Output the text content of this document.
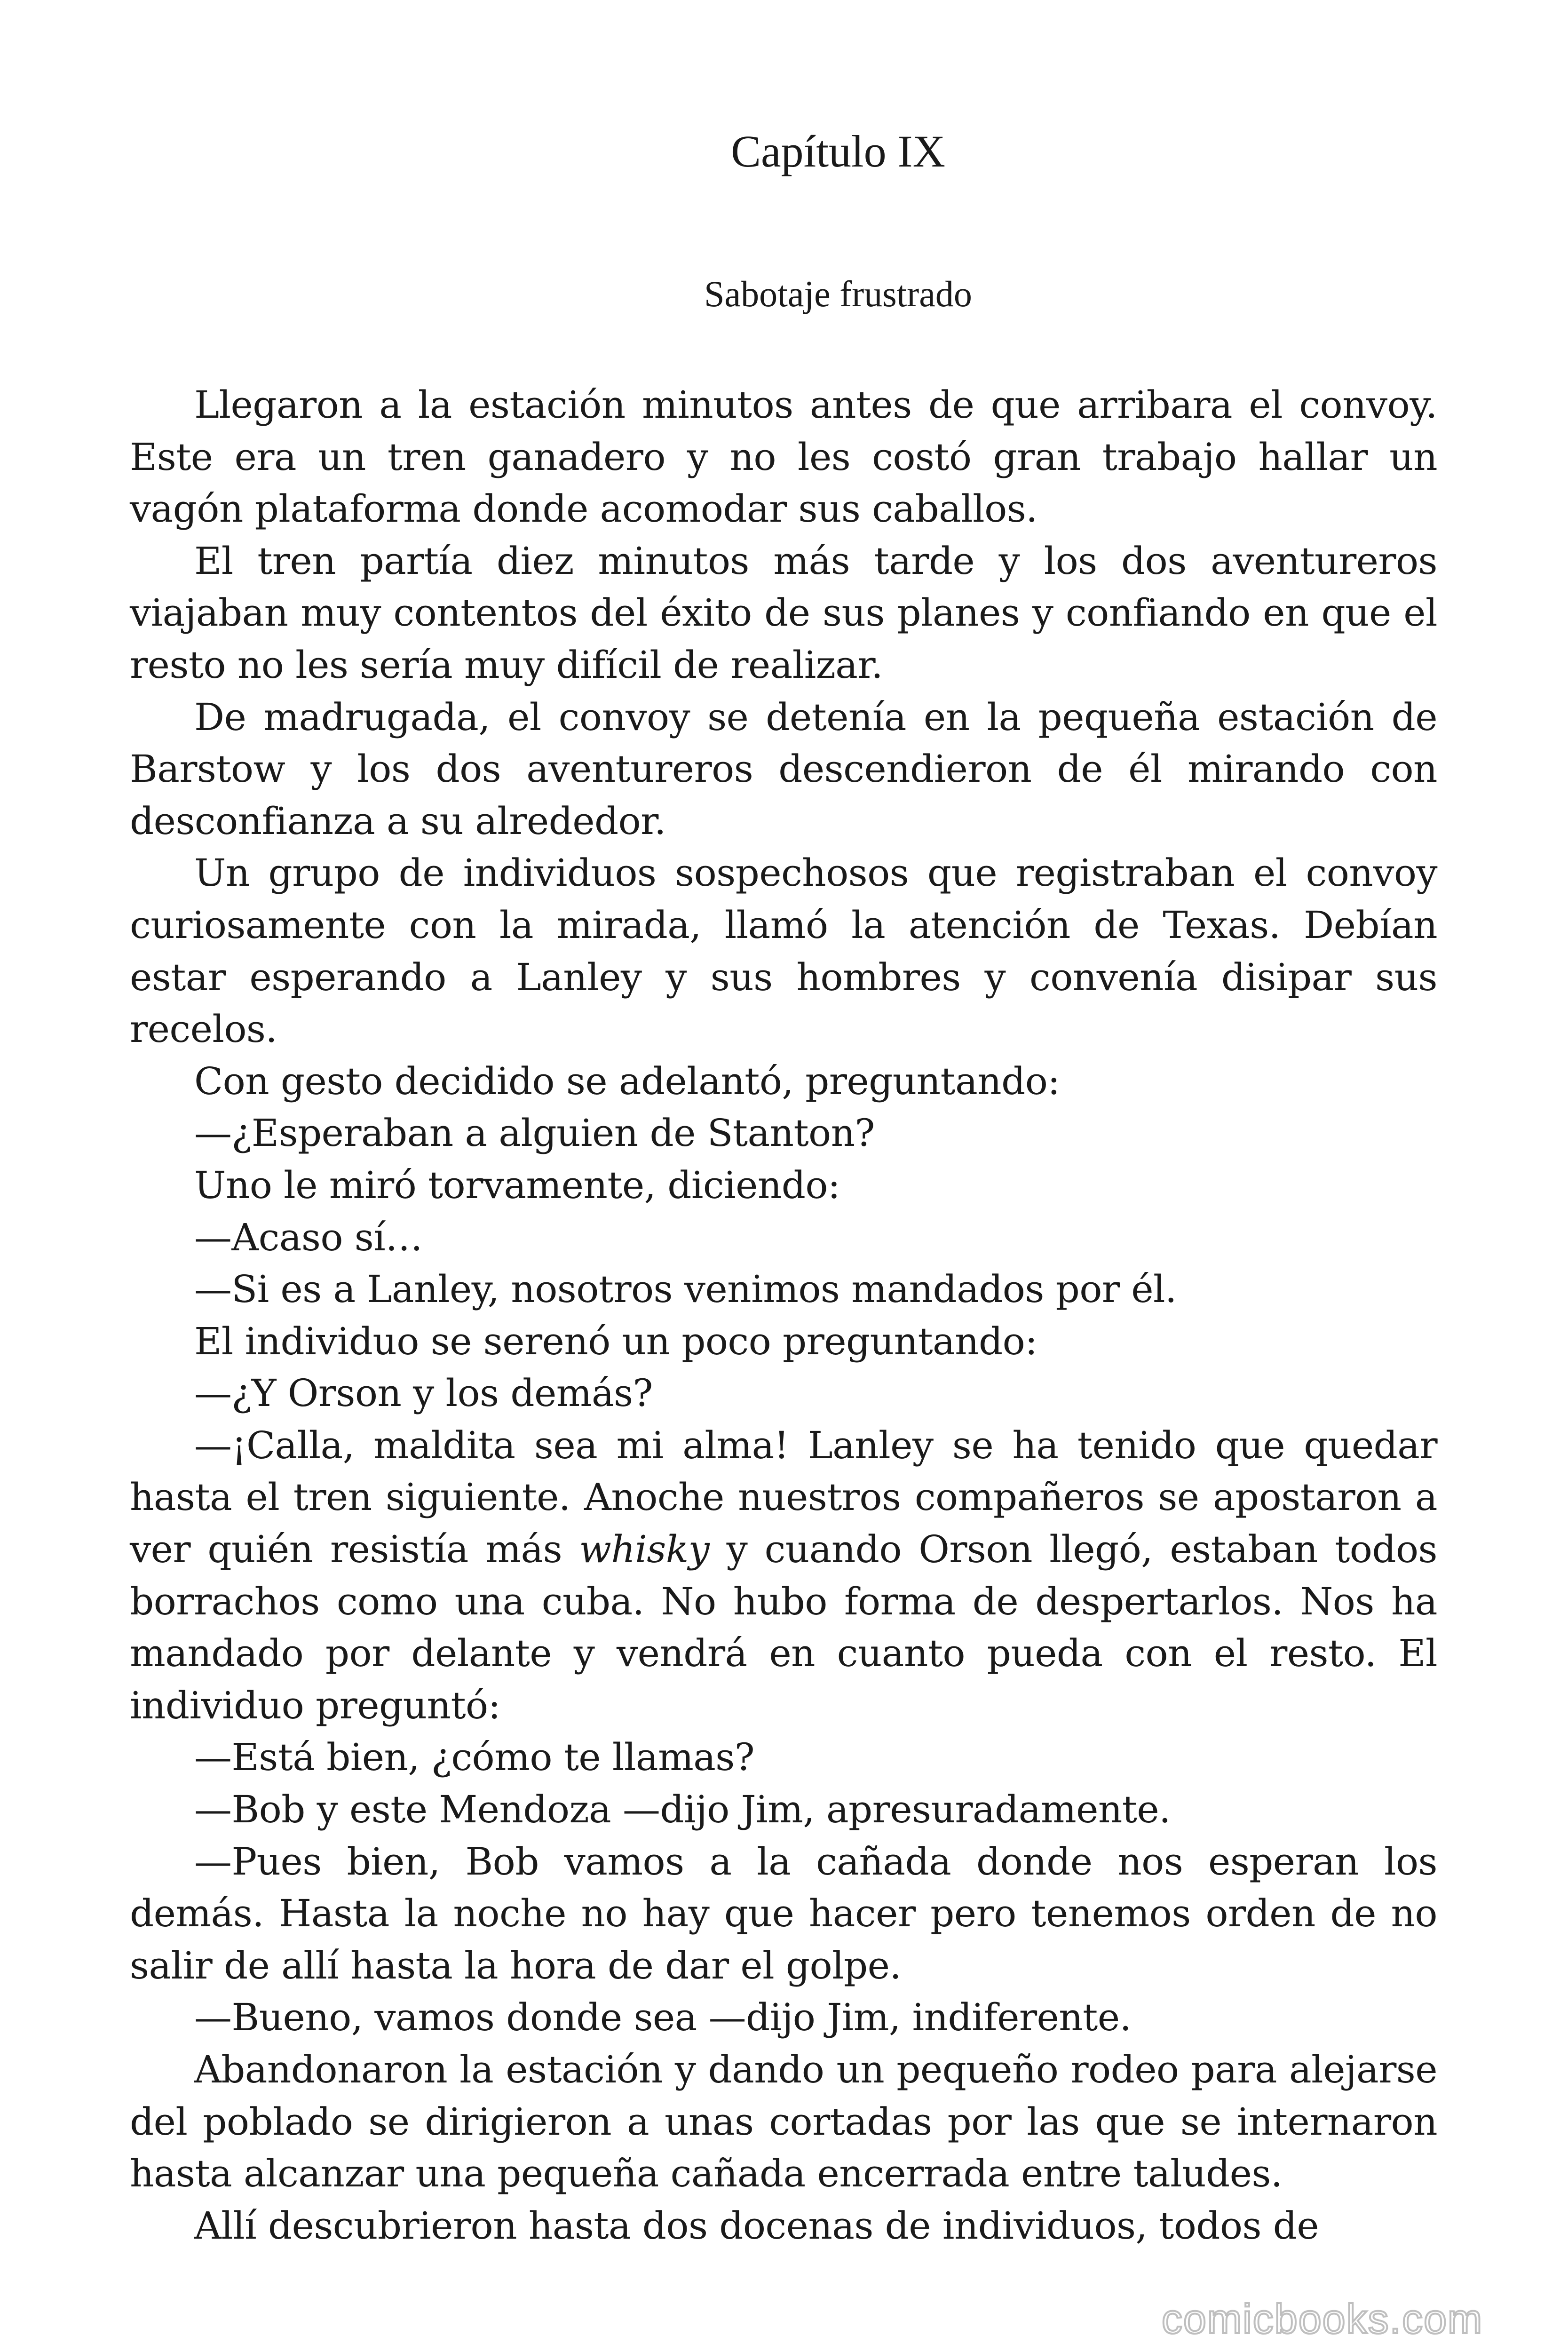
Capítulo IX
Sabotaje frustrado

Llegaron a la estación minutos antes de que arribara el convoy. Este era un tren ganadero y no les costó gran trabajo hallar un vagón plataforma donde acomodar sus caballos.

El tren partía diez minutos más tarde y los dos aventureros viajaban muy contentos del éxito de sus planes y confiando en que el resto no les sería muy difícil de realizar.

De madrugada, el convoy se detenía en la pequeña estación de Barstow y los dos aventureros descendieron de él mirando con desconfianza a su alrededor.

Un grupo de individuos sospechosos que registraban el convoy curiosamente con la mirada, llamó la atención de Texas. Debían estar esperando a Lanley y sus hombres y convenía disipar sus recelos.

Con gesto decidido se adelantó, preguntando:

—¿Esperaban a alguien de Stanton?

Uno le miró torvamente, diciendo:

—Acaso sí…

—Si es a Lanley, nosotros venimos mandados por él.

El individuo se serenó un poco preguntando:

—¿Y Orson y los demás?

—¡Calla, maldita sea mi alma! Lanley se ha tenido que quedar hasta el tren siguiente. Anoche nuestros compañeros se apostaron a ver quién resistía más whisky y cuando Orson llegó, estaban todos borrachos como una cuba. No hubo forma de despertarlos. Nos ha mandado por delante y vendrá en cuanto pueda con el resto. El individuo preguntó:

—Está bien, ¿cómo te llamas?

—Bob y este Mendoza —dijo Jim, apresuradamente.

—Pues bien, Bob vamos a la cañada donde nos esperan los demás. Hasta la noche no hay que hacer pero tenemos orden de no salir de allí hasta la hora de dar el golpe.

—Bueno, vamos donde sea —dijo Jim, indiferente.

Abandonaron la estación y dando un pequeño rodeo para alejarse del poblado se dirigieron a unas cortadas por las que se internaron hasta alcanzar una pequeña cañada encerrada entre taludes.

Allí descubrieron hasta dos docenas de individuos, todos de

comicbooks.com
